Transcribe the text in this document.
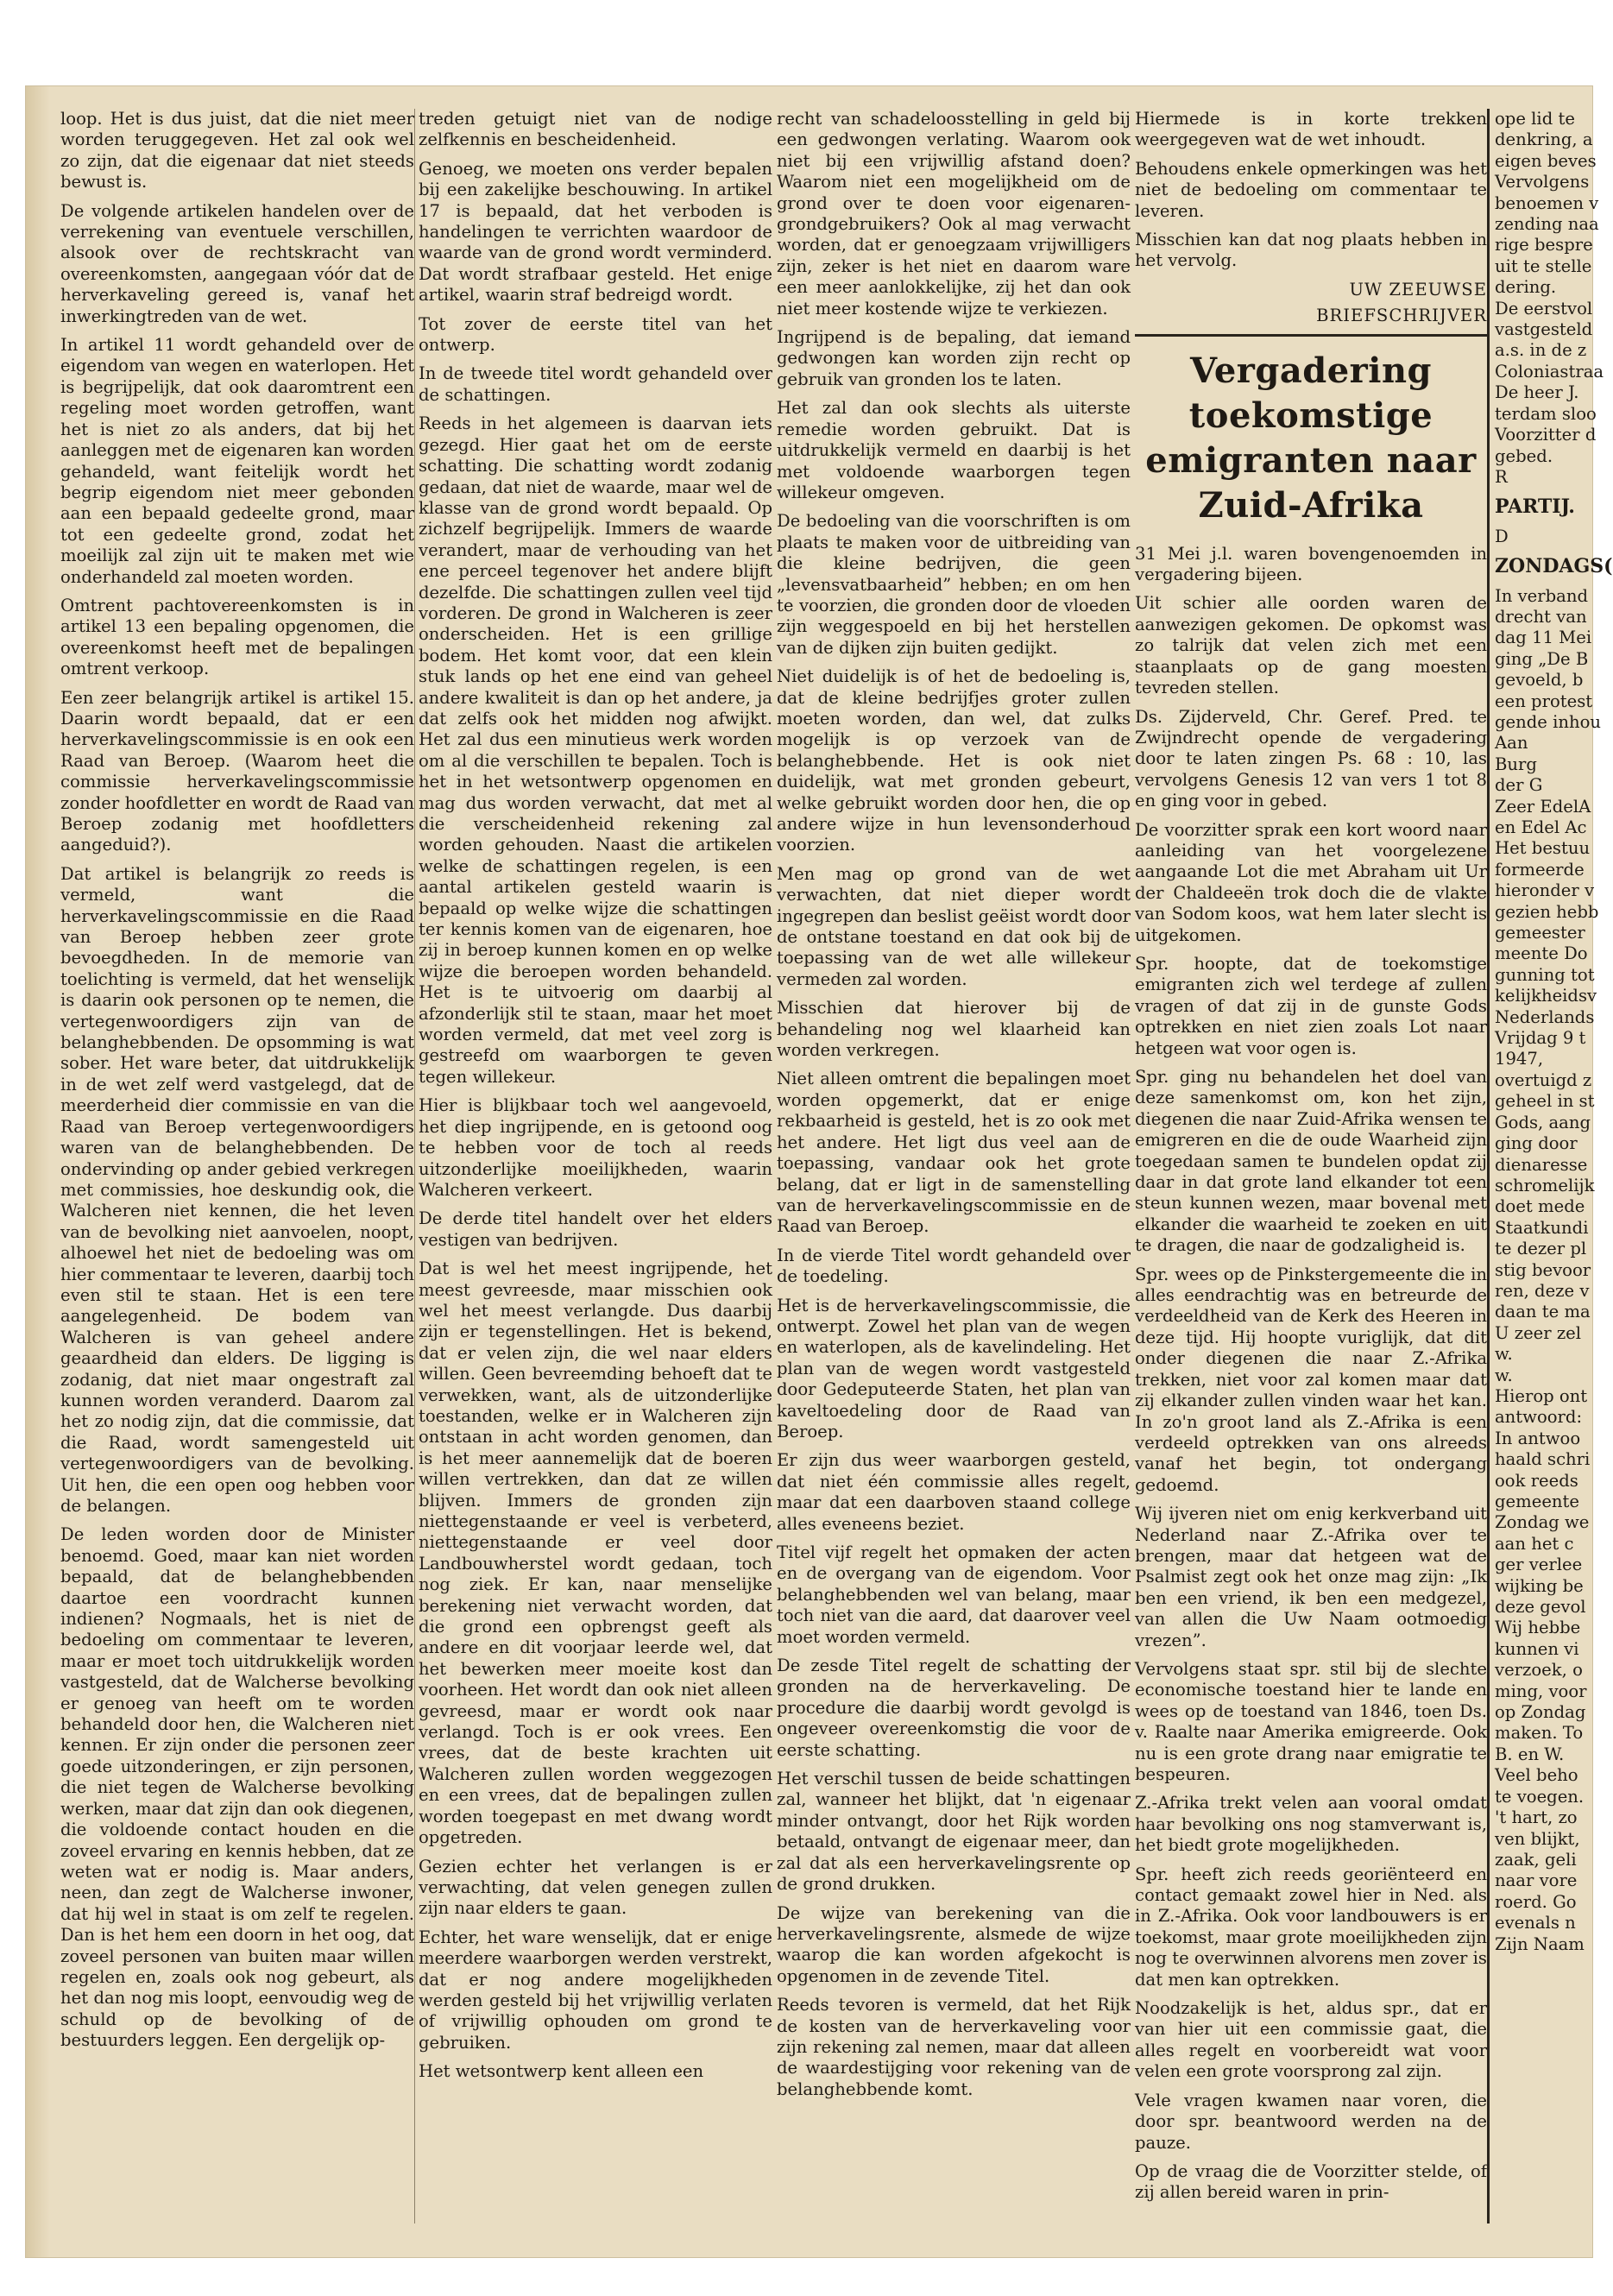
loop. Het is dus juist, dat die niet meer worden teruggegeven. Het zal ook wel zo zijn, dat die eigenaar dat niet steeds bewust is.

De volgende artikelen handelen over de verrekening van eventuele verschillen, alsook over de rechtskracht van overeenkomsten, aangegaan vóór dat de herverkaveling gereed is, vanaf het inwerkingtreden van de wet.

In artikel 11 wordt gehandeld over de eigendom van wegen en waterlopen. Het is begrijpelijk, dat ook daaromtrent een regeling moet worden getroffen, want het is niet zo als anders, dat bij het aanleggen met de eigenaren kan worden gehandeld, want feitelijk wordt het begrip eigendom niet meer gebonden aan een bepaald gedeelte grond, maar tot een gedeelte grond, zodat het moeilijk zal zijn uit te maken met wie onderhandeld zal moeten worden.

Omtrent pachtovereenkomsten is in artikel 13 een bepaling opgenomen, die overeenkomst heeft met de bepalingen omtrent verkoop.

Een zeer belangrijk artikel is artikel 15. Daarin wordt bepaald, dat er een herverkavelingscommissie is en ook een Raad van Beroep. (Waarom heet die commissie herverkavelingscommissie zonder hoofdletter en wordt de Raad van Beroep zodanig met hoofdletters aangeduid?).

Dat artikel is belangrijk zo reeds is vermeld, want die herverkavelingscommissie en die Raad van Beroep hebben zeer grote bevoegdheden. In de memorie van toelichting is vermeld, dat het wenselijk is daarin ook personen op te nemen, die vertegenwoordigers zijn van de belanghebbenden. De opsomming is wat sober. Het ware beter, dat uitdrukkelijk in de wet zelf werd vastgelegd, dat de meerderheid dier commissie en van die Raad van Beroep vertegenwoordigers waren van de belanghebbenden. De ondervinding op ander gebied verkregen met commissies, hoe deskundig ook, die Walcheren niet kennen, die het leven van de bevolking niet aanvoelen, noopt, alhoewel het niet de bedoeling was om hier commentaar te leveren, daarbij toch even stil te staan. Het is een tere aangelegenheid. De bodem van Walcheren is van geheel andere geaardheid dan elders. De ligging is zodanig, dat niet maar ongestraft zal kunnen worden veranderd. Daarom zal het zo nodig zijn, dat die commissie, dat die Raad, wordt samengesteld uit vertegenwoordigers van de bevolking. Uit hen, die een open oog hebben voor de belangen.

De leden worden door de Minister benoemd. Goed, maar kan niet worden bepaald, dat de belanghebbenden daartoe een voordracht kunnen indienen? Nogmaals, het is niet de bedoeling om commentaar te leveren, maar er moet toch uitdrukkelijk worden vastgesteld, dat de Walcherse bevolking er genoeg van heeft om te worden behandeld door hen, die Walcheren niet kennen. Er zijn onder die personen zeer goede uitzonderingen, er zijn personen, die niet tegen de Walcherse bevolking werken, maar dat zijn dan ook diegenen, die voldoende contact houden en die zoveel ervaring en kennis hebben, dat ze weten wat er nodig is. Maar anders, neen, dan zegt de Walcherse inwoner, dat hij wel in staat is om zelf te regelen. Dan is het hem een doorn in het oog, dat zoveel personen van buiten maar willen regelen en, zoals ook nog gebeurt, als het dan nog mis loopt, eenvoudig weg de schuld op de bevolking of de bestuurders leggen. Een dergelijk op-

treden getuigt niet van de nodige zelfkennis en bescheidenheid.

Genoeg, we moeten ons verder bepalen bij een zakelijke beschouwing. In artikel 17 is bepaald, dat het verboden is handelingen te verrichten waardoor de waarde van de grond wordt verminderd. Dat wordt strafbaar gesteld. Het enige artikel, waarin straf bedreigd wordt.

Tot zover de eerste titel van het ontwerp.

In de tweede titel wordt gehandeld over de schattingen.

Reeds in het algemeen is daarvan iets gezegd. Hier gaat het om de eerste schatting. Die schatting wordt zodanig gedaan, dat niet de waarde, maar wel de klasse van de grond wordt bepaald. Op zichzelf begrijpelijk. Immers de waarde verandert, maar de verhouding van het ene perceel tegenover het andere blijft dezelfde. Die schattingen zullen veel tijd vorderen. De grond in Walcheren is zeer onderscheiden. Het is een grillige bodem. Het komt voor, dat een klein stuk lands op het ene eind van geheel andere kwaliteit is dan op het andere, ja dat zelfs ook het midden nog afwijkt. Het zal dus een minutieus werk worden om al die verschillen te bepalen. Toch is het in het wetsontwerp opgenomen en mag dus worden verwacht, dat met al die verscheidenheid rekening zal worden gehouden. Naast die artikelen welke de schattingen regelen, is een aantal artikelen gesteld waarin is bepaald op welke wijze die schattingen ter kennis komen van de eigenaren, hoe zij in beroep kunnen komen en op welke wijze die beroepen worden behandeld. Het is te uitvoerig om daarbij al afzonderlijk stil te staan, maar het moet worden vermeld, dat met veel zorg is gestreefd om waarborgen te geven tegen willekeur.

Hier is blijkbaar toch wel aangevoeld, het diep ingrijpende, en is getoond oog te hebben voor de toch al reeds uitzonderlijke moeilijkheden, waarin Walcheren verkeert.

De derde titel handelt over het elders vestigen van bedrijven.

Dat is wel het meest ingrijpende, het meest gevreesde, maar misschien ook wel het meest verlangde. Dus daarbij zijn er tegenstellingen. Het is bekend, dat er velen zijn, die wel naar elders willen. Geen bevreemding behoeft dat te verwekken, want, als de uitzonderlijke toestanden, welke er in Walcheren zijn ontstaan in acht worden genomen, dan is het meer aannemelijk dat de boeren willen vertrekken, dan dat ze willen blijven. Immers de gronden zijn niettegenstaande er veel is verbeterd, niettegenstaande er veel door Landbouwherstel wordt gedaan, toch nog ziek. Er kan, naar menselijke berekening niet verwacht worden, dat die grond een opbrengst geeft als andere en dit voorjaar leerde wel, dat het bewerken meer moeite kost dan voorheen. Het wordt dan ook niet alleen gevreesd, maar er wordt ook naar verlangd. Toch is er ook vrees. Een vrees, dat de beste krachten uit Walcheren zullen worden weggezogen en een vrees, dat de bepalingen zullen worden toegepast en met dwang wordt opgetreden.

Gezien echter het verlangen is er verwachting, dat velen genegen zullen zijn naar elders te gaan.

Echter, het ware wenselijk, dat er enige meerdere waarborgen werden verstrekt, dat er nog andere mogelijkheden werden gesteld bij het vrijwillig verlaten of vrijwillig ophouden om grond te gebruiken.

Het wetsontwerp kent alleen een

recht van schadeloosstelling in geld bij een gedwongen verlating. Waarom ook niet bij een vrijwillig afstand doen? Waarom niet een mogelijkheid om de grond over te doen voor eigenaren-grondgebruikers? Ook al mag verwacht worden, dat er genoegzaam vrijwilligers zijn, zeker is het niet en daarom ware een meer aanlokkelijke, zij het dan ook niet meer kostende wijze te verkiezen.

Ingrijpend is de bepaling, dat iemand gedwongen kan worden zijn recht op gebruik van gronden los te laten.

Het zal dan ook slechts als uiterste remedie worden gebruikt. Dat is uitdrukkelijk vermeld en daarbij is het met voldoende waarborgen tegen willekeur omgeven.

De bedoeling van die voorschriften is om plaats te maken voor de uitbreiding van die kleine bedrijven, die geen „levensvatbaarheid” hebben; en om hen te voorzien, die gronden door de vloeden zijn weggespoeld en bij het herstellen van de dijken zijn buiten gedijkt.

Niet duidelijk is of het de bedoeling is, dat de kleine bedrijfjes groter zullen moeten worden, dan wel, dat zulks mogelijk is op verzoek van de belanghebbende. Het is ook niet duidelijk, wat met gronden gebeurt, welke gebruikt worden door hen, die op andere wijze in hun levensonderhoud voorzien.

Men mag op grond van de wet verwachten, dat niet dieper wordt ingegrepen dan beslist geëist wordt door de ontstane toestand en dat ook bij de toepassing van de wet alle willekeur vermeden zal worden.

Misschien dat hierover bij de behandeling nog wel klaarheid kan worden verkregen.

Niet alleen omtrent die bepalingen moet worden opgemerkt, dat er enige rekbaarheid is gesteld, het is zo ook met het andere. Het ligt dus veel aan de toepassing, vandaar ook het grote belang, dat er ligt in de samenstelling van de herverkavelingscommissie en de Raad van Beroep.

In de vierde Titel wordt gehandeld over de toedeling.

Het is de herverkavelingscommissie, die ontwerpt. Zowel het plan van de wegen en waterlopen, als de kavelindeling. Het plan van de wegen wordt vastgesteld door Gedeputeerde Staten, het plan van kaveltoedeling door de Raad van Beroep.

Er zijn dus weer waarborgen gesteld, dat niet één commissie alles regelt, maar dat een daarboven staand college alles eveneens beziet.

Titel vijf regelt het opmaken der acten en de overgang van de eigendom. Voor belanghebbenden wel van belang, maar toch niet van die aard, dat daarover veel moet worden vermeld.

De zesde Titel regelt de schatting der gronden na de herverkaveling. De procedure die daarbij wordt gevolgd is ongeveer overeenkomstig die voor de eerste schatting.

Het verschil tussen de beide schattingen zal, wanneer het blijkt, dat 'n eigenaar minder ontvangt, door het Rijk worden betaald, ontvangt de eigenaar meer, dan zal dat als een herverkavelingsrente op de grond drukken.

De wijze van berekening van die herverkavelingsrente, alsmede de wijze waarop die kan worden afgekocht is opgenomen in de zevende Titel.

Reeds tevoren is vermeld, dat het Rijk de kosten van de herverkaveling voor zijn rekening zal nemen, maar dat alleen de waardestijging voor rekening van de belanghebbende komt.

Hiermede is in korte trekken weergegeven wat de wet inhoudt.

Behoudens enkele opmerkingen was het niet de bedoeling om commentaar te leveren.

Misschien kan dat nog plaats hebben in het vervolg.

UW ZEEUWSE
BRIEFSCHRIJVER
Vergadering toekomstige emigranten naar Zuid-Afrika

31 Mei j.l. waren bovengenoemden in vergadering bijeen.

Uit schier alle oorden waren de aanwezigen gekomen. De opkomst was zo talrijk dat velen zich met een staanplaats op de gang moesten tevreden stellen.

Ds. Zijderveld, Chr. Geref. Pred. te Zwijndrecht opende de vergadering door te laten zingen Ps. 68 : 10, las vervolgens Genesis 12 van vers 1 tot 8 en ging voor in gebed.

De voorzitter sprak een kort woord naar aanleiding van het voorgelezene aangaande Lot die met Abraham uit Ur der Chaldeeën trok doch die de vlakte van Sodom koos, wat hem later slecht is uitgekomen.

Spr. hoopte, dat de toekomstige emigranten zich wel terdege af zullen vragen of dat zij in de gunste Gods optrekken en niet zien zoals Lot naar hetgeen wat voor ogen is.

Spr. ging nu behandelen het doel van deze samenkomst om, kon het zijn, diegenen die naar Zuid-Afrika wensen te emigreren en die de oude Waarheid zijn toegedaan samen te bundelen opdat zij daar in dat grote land elkander tot een steun kunnen wezen, maar bovenal met elkander die waarheid te zoeken en uit te dragen, die naar de godzaligheid is.

Spr. wees op de Pinkstergemeente die in alles eendrachtig was en betreurde de verdeeldheid van de Kerk des Heeren in deze tijd. Hij hoopte vuriglijk, dat dit onder diegenen die naar Z.-Afrika trekken, niet voor zal komen maar dat zij elkander zullen vinden waar het kan. In zo'n groot land als Z.-Afrika is een verdeeld optrekken van ons alreeds vanaf het begin, tot ondergang gedoemd.

Wij ijveren niet om enig kerkverband uit Nederland naar Z.-Afrika over te brengen, maar dat hetgeen wat de Psalmist zegt ook het onze mag zijn: „Ik ben een vriend, ik ben een medgezel, van allen die Uw Naam ootmoedig vrezen”.

Vervolgens staat spr. stil bij de slechte economische toestand hier te lande en wees op de toestand van 1846, toen Ds. v. Raalte naar Amerika emigreerde. Ook nu is een grote drang naar emigratie te bespeuren.

Z.-Afrika trekt velen aan vooral omdat haar bevolking ons nog stamverwant is, het biedt grote mogelijkheden.

Spr. heeft zich reeds georiënteerd en contact gemaakt zowel hier in Ned. als in Z.-Afrika. Ook voor landbouwers is er toekomst, maar grote moeilijkheden zijn nog te overwinnen alvorens men zover is dat men kan optrekken.

Noodzakelijk is het, aldus spr., dat er van hier uit een commissie gaat, die alles regelt en voorbereidt wat voor velen een grote voorsprong zal zijn.

Vele vragen kwamen naar voren, die door spr. beantwoord werden na de pauze.

Op de vraag die de Voorzitter stelde, of zij allen bereid waren in prin-

ope lid te
denkring, a
eigen beves
Vervolgens
benoemen v
zending naa
rige bespre
uit te stelle
dering.
De eerstvol
vastgesteld
a.s. in de z
Coloniastraa
De heer J.
terdam sloo
Voorzitter d
gebed.
R
PARTIJ.
D
ZONDAGS(
In verband
drecht van
dag 11 Mei
ging „De B
gevoeld, b
een protest
gende inhou
Aan
Burg
der G
Zeer EdelA
en Edel Ac
Het bestuu
formeerde
hieronder v
gezien hebb
gemeester
meente Do
gunning tot
kelijkheidsv
Nederlands
Vrijdag 9 t
1947,
overtuigd z
geheel in st
Gods, aang
ging door
dienaresse
schromelijk
doet mede
Staatkundi
te dezer pl
stig bevoor
ren, deze v
daan te ma
U zeer zel
w.
w.
Hierop ont
antwoord:
In antwoo
haald schri
ook reeds
gemeente
Zondag we
aan het c
ger verlee
wijking be
deze gevol
Wij hebbe
kunnen vi
verzoek, o
ming, voor
op Zondag
maken. To
B. en W.
Veel beho
te voegen.
't hart, zo
ven blijkt,
zaak, geli
naar vore
roerd. Go
evenals n
Zijn Naam
